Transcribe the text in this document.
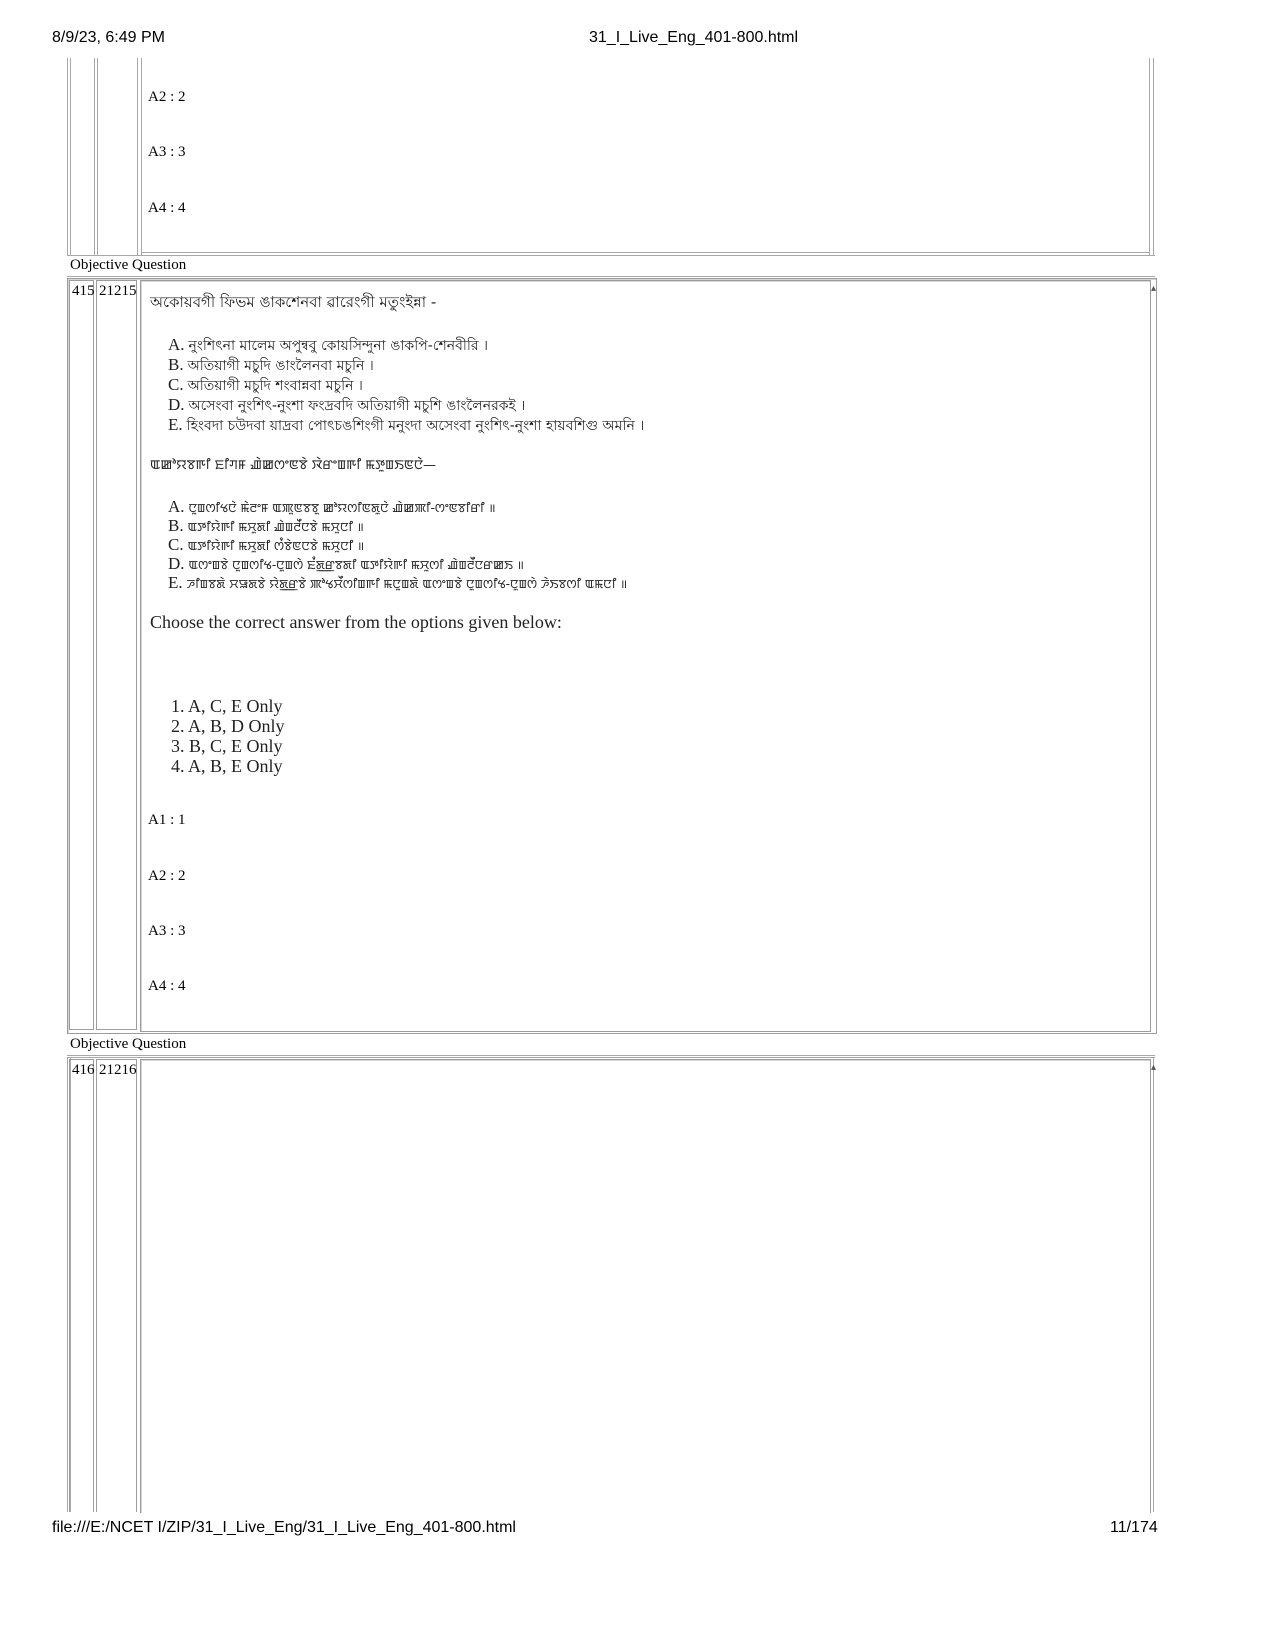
8/9/23, 6:49 PM	31_I_Live_Eng_401-800.html
A2 : 2
A3 : 3
A4 : 4
Objective Question
415 21215	▴
অকোয়বগী ফিভম ঙাকশেনবা ৱারেংগী মতুংইন্না -
A. নুংশিৎনা মালেম অপুন্ববু কোয়সিন্দুনা ঙাকপি-শেনবীরি ।
B. অতিয়াগী মচুদি ঙাংলৈনবা মচুনি ।
C. অতিয়াগী মচুদি শংবান্নবা মচুনি ।
D. অসেংবা নুংশিৎ-নুংশা ফংদ্রবদি অতিয়াগী মচুশি ঙাংলৈনরকই ।
E. হিংবদা চউদবা য়াদ্রবা পোৎচঙশিংগী মনুংদা অসেংবা নুংশিৎ-নুংশা হায়বশিগু অমনি ।
ꯑꯀꯣꯌꯕꯒꯤ ꯐꯤꯚꯝ ꯉꯥꯀꯁꯦꯟꯕꯥ ꯋꯥꯔꯦꯡꯒꯤ ꯃꯇꯨꯡꯏꯟꯅꯥ—
A. ꯅꯨꯡꯁꯤꯠꯅꯥ ꯃꯥꯂꯦꯝ ꯑꯄꯨꯟꯕꯕꯨ ꯀꯣꯌꯁꯤꯟꯗꯨꯅꯥ ꯉꯥꯀꯄꯤ-ꯁꯦꯟꯕꯤꯔꯤ ॥
B. ꯑꯇꯤꯌꯥꯒꯤ ꯃꯆꯨꯗꯤ ꯉꯥꯡꯂꯩꯅꯕꯥ ꯃꯆꯨꯅꯤ ॥
C. ꯑꯇꯤꯌꯥꯒꯤ ꯃꯆꯨꯗꯤ ꯁꯪꯕꯥꯟꯅꯕꯥ ꯃꯆꯨꯅꯤ ॥
D. ꯑꯁꯦꯡꯕꯥ ꯅꯨꯡꯁꯤꯠ-ꯅꯨꯡꯁꯥ ꯐꯪꯗ꯭ꯔꯕꯗꯤ ꯑꯇꯤꯌꯥꯒꯤ ꯃꯆꯨꯁꯤ ꯉꯥꯡꯂꯩꯅꯔꯀꯏ ॥
E. ꯍꯤꯡꯕꯗꯥ ꯆꯎꯗꯕꯥ ꯌꯥꯗ꯭ꯔꯕꯥ ꯄꯣꯠꯆꯩꯁꯤꯡꯒꯤ ꯃꯅꯨꯡꯗꯥ ꯑꯁꯦꯡꯕꯥ ꯅꯨꯡꯁꯤꯠ-ꯅꯨꯡꯁꯥ ꯍꯥꯏꯕꯁꯤ ꯑꯃꯅꯤ ॥
Choose the correct answer from the options given below:
1. A, C, E Only
2. A, B, D Only
3. B, C, E Only
4. A, B, E Only
A1 : 1
A2 : 2
A3 : 3
A4 : 4
Objective Question
416 21216	▴
file:///E:/NCET I/ZIP/31_I_Live_Eng/31_I_Live_Eng_401-800.html	11/174
